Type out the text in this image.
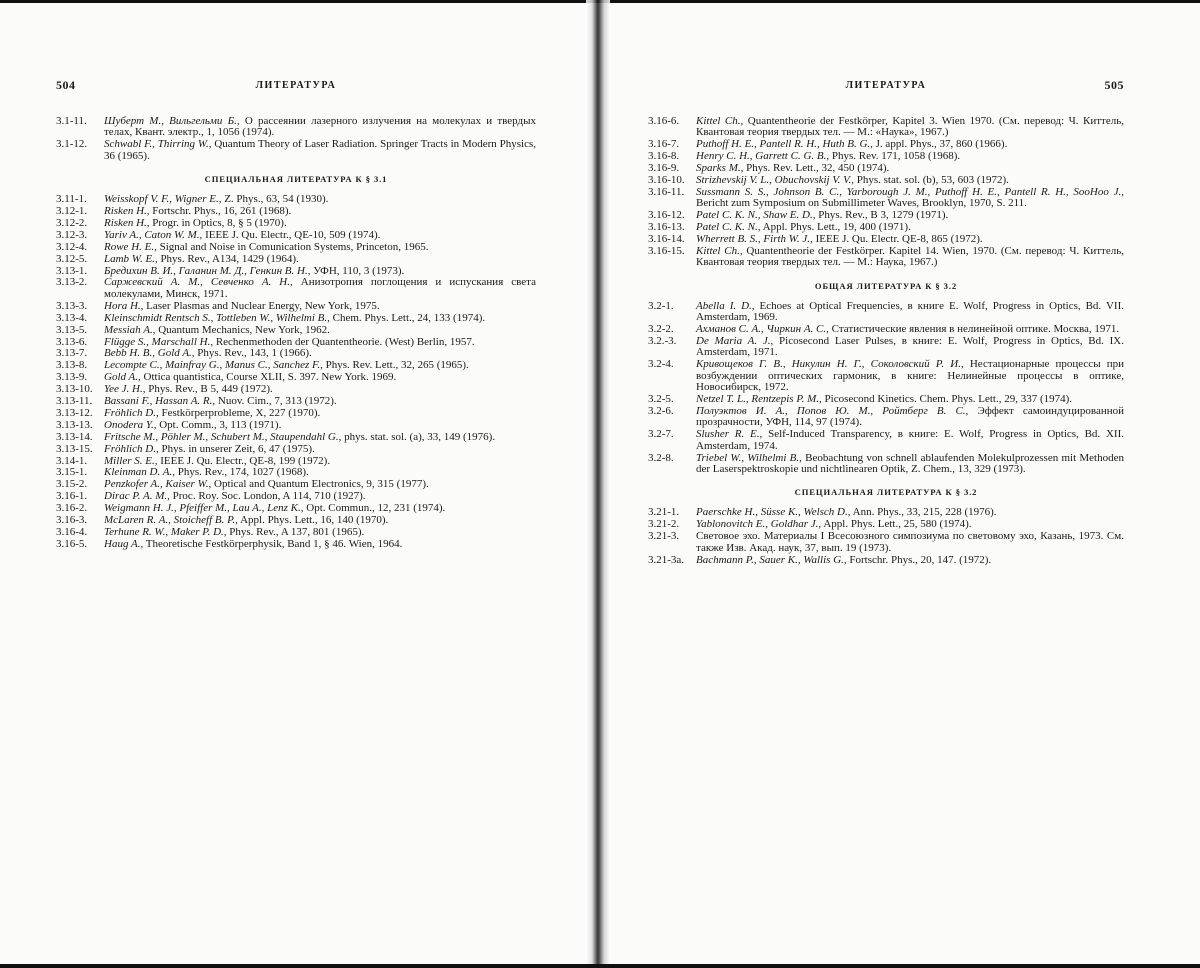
504	ЛИТЕРАТУРА
3.1-11.	Шуберт М., Вильгельми Б., О рассеянии лазерного излучения на молекулах и твердых телах, Квант. электр., 1, 1056 (1974).
3.1-12.	Schwabl F., Thirring W., Quantum Theory of Laser Radiation. Springer Tracts in Modern Physics, 36 (1965).
СПЕЦИАЛЬНАЯ ЛИТЕРАТУРА К § 3.1
3.11-1.	Weisskopf V. F., Wigner E., Z. Phys., 63, 54 (1930).
3.12-1.	Risken H., Fortschr. Phys., 16, 261 (1968).
3.12-2.	Risken H., Progr. in Optics, 8, § 5 (1970).
3.12-3.	Yariv A., Caton W. M., IEEE J. Qu. Electr., QE-10, 509 (1974).
3.12-4.	Rowe H. E., Signal and Noise in Comunication Systems, Princeton, 1965.
3.12-5.	Lamb W. E., Phys. Rev., A134, 1429 (1964).
3.13-1.	Бредихин В. И., Галанин М. Д., Генкин В. Н., УФН, 110, 3 (1973).
3.13-2.	Саржевский А. М., Севченко А. Н., Анизотропия поглощения и испускания света молекулами, Минск, 1971.
3.13-3.	Hora H., Laser Plasmas and Nuclear Energy, New York, 1975.
3.13-4.	Kleinschmidt Rentsch S., Tottleben W., Wilhelmi B., Chem. Phys. Lett., 24, 133 (1974).
3.13-5.	Messiah A., Quantum Mechanics, New York, 1962.
3.13-6.	Flügge S., Marschall H., Rechenmethoden der Quantentheorie. (West) Berlin, 1957.
3.13-7.	Bebb H. B., Gold A., Phys. Rev., 143, 1 (1966).
3.13-8.	Lecompte C., Mainfray G., Manus C., Sanchez F., Phys. Rev. Lett., 32, 265 (1965).
3.13-9.	Gold A., Ottica quantistica, Course XLII, S. 397. New York. 1969.
3.13-10.	Yee J. H., Phys. Rev., B 5, 449 (1972).
3.13-11.	Bassani F., Hassan A. R., Nuov. Cim., 7, 313 (1972).
3.13-12.	Fröhlich D., Festkörperprobleme, X, 227 (1970).
3.13-13.	Onodera Y., Opt. Comm., 3, 113 (1971).
3.13-14.	Fritsche M., Pöhler M., Schubert M., Staupendahl G., phys. stat. sol. (a), 33, 149 (1976).
3.13-15.	Fröhlich D., Phys. in unserer Zeit, 6, 47 (1975).
3.14-1.	Miller S. E., IEEE J. Qu. Electr., QE-8, 199 (1972).
3.15-1.	Kleinman D. A., Phys. Rev., 174, 1027 (1968).
3.15-2.	Penzkofer A., Kaiser W., Optical and Quantum Electronics, 9, 315 (1977).
3.16-1.	Dirac P. A. M., Proc. Roy. Soc. London, A 114, 710 (1927).
3.16-2.	Weigmann H. J., Pfeiffer M., Lau A., Lenz K., Opt. Commun., 12, 231 (1974).
3.16-3.	McLaren R. A., Stoicheff B. P., Appl. Phys. Lett., 16, 140 (1970).
3.16-4.	Terhune R. W., Maker P. D., Phys. Rev., A 137, 801 (1965).
3.16-5.	Haug A., Theoretische Festkörperphysik, Band 1, § 46. Wien, 1964.
ЛИТЕРАТУРА	505
3.16-6.	Kittel Ch., Quantentheorie der Festkörper, Kapitel 3. Wien 1970. (См. перевод: Ч. Киттель, Квантовая теория твердых тел. — М.: «Наука», 1967.)
3.16-7.	Puthoff H. E., Pantell R. H., Huth B. G., J. appl. Phys., 37, 860 (1966).
3.16-8.	Henry C. H., Garrett C. G. B., Phys. Rev. 171, 1058 (1968).
3.16-9.	Sparks M., Phys. Rev. Lett., 32, 450 (1974).
3.16-10.	Strizhevskij V. L., Obuchovskij V. V., Phys. stat. sol. (b), 53, 603 (1972).
3.16-11.	Sussmann S. S., Johnson B. C., Yarborough J. M., Puthoff H. E., Pantell R. H., SooHoo J., Bericht zum Symposium on Submillimeter Waves, Brooklyn, 1970, S. 211.
3.16-12.	Patel C. K. N., Shaw E. D., Phys. Rev., B 3, 1279 (1971).
3.16-13.	Patel C. K. N., Appl. Phys. Lett., 19, 400 (1971).
3.16-14.	Wherrett B. S., Firth W. J., IEEE J. Qu. Electr. QE-8, 865 (1972).
3.16-15.	Kittel Ch., Quantentheorie der Festkörper. Kapitel 14. Wien, 1970. (См. перевод: Ч. Киттель, Квантовая теория твердых тел. — М.: Наука, 1967.)
ОБЩАЯ ЛИТЕРАТУРА К § 3.2
3.2-1.	Abella I. D., Echoes at Optical Frequencies, в книге E. Wolf, Progress in Optics, Bd. VII. Amsterdam, 1969.
3.2-2.	Ахманов С. А., Чиркин А. С., Статистические явления в нелинейной оптике. Москва, 1971.
3.2.-3.	De Maria A. J., Picosecond Laser Pulses, в книге: E. Wolf, Progress in Optics, Bd. IX. Amsterdam, 1971.
3.2-4.	Кривощеков Г. В., Никулин Н. Г., Соколовский Р. И., Нестационарные процессы при возбуждении оптических гармоник, в книге: Нелинейные процессы в оптике, Новосибирск, 1972.
3.2-5.	Netzel T. L., Rentzepis P. M., Picosecond Kinetics. Chem. Phys. Lett., 29, 337 (1974).
3.2-6.	Полуэктов И. А., Попов Ю. М., Ройтберг В. С., Эффект самоиндуцированной прозрачности, УФН, 114, 97 (1974).
3.2-7.	Slusher R. E., Self-Induced Transparency, в книге: E. Wolf, Progress in Optics, Bd. XII. Amsterdam, 1974.
3.2-8.	Triebel W., Wilhelmi B., Beobachtung von schnell ablaufenden Molekulprozessen mit Methoden der Laserspektroskopie und nichtlinearen Optik, Z. Chem., 13, 329 (1973).
СПЕЦИАЛЬНАЯ ЛИТЕРАТУРА К § 3.2
3.21-1.	Paerschke H., Süsse K., Welsch D., Ann. Phys., 33, 215, 228 (1976).
3.21-2.	Yablonovitch E., Goldhar J., Appl. Phys. Lett., 25, 580 (1974).
3.21-3.	Световое эхо. Материалы I Всесоюзного симпозиума по световому эхо, Казань, 1973. См. также Изв. Акад. наук, 37, вып. 19 (1973).
3.21-3a.	Bachmann P., Sauer K., Wallis G., Fortschr. Phys., 20, 147. (1972).
